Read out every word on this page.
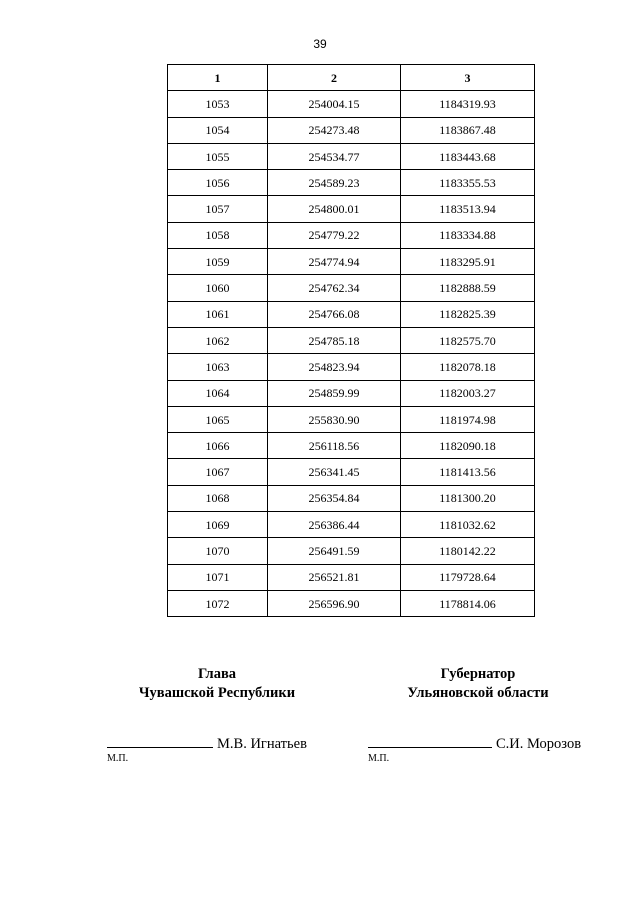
39
1	2	3
1053	254004.15	1184319.93
1054	254273.48	1183867.48
1055	254534.77	1183443.68
1056	254589.23	1183355.53
1057	254800.01	1183513.94
1058	254779.22	1183334.88
1059	254774.94	1183295.91
1060	254762.34	1182888.59
1061	254766.08	1182825.39
1062	254785.18	1182575.70
1063	254823.94	1182078.18
1064	254859.99	1182003.27
1065	255830.90	1181974.98
1066	256118.56	1182090.18
1067	256341.45	1181413.56
1068	256354.84	1181300.20
1069	256386.44	1181032.62
1070	256491.59	1180142.22
1071	256521.81	1179728.64
1072	256596.90	1178814.06
Глава
Чувашской Республики
Губернатор
Ульяновской области
М.В. Игнатьев	С.И. Морозов
М.П.	М.П.
